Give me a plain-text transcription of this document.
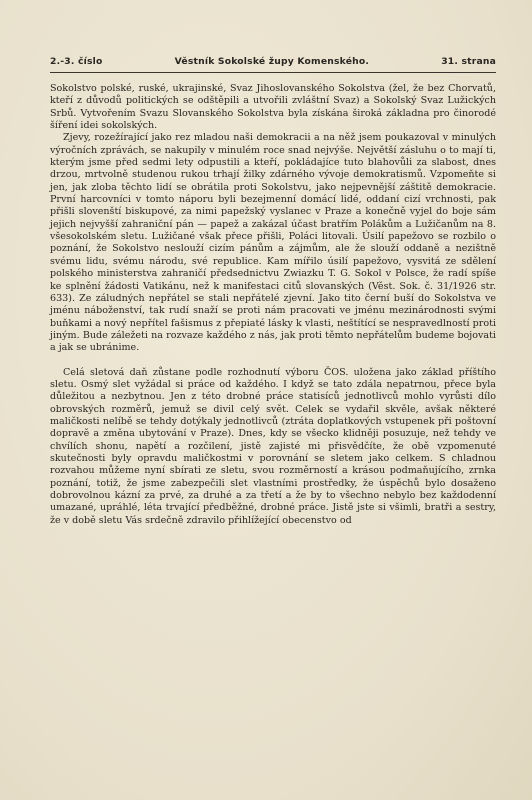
2.-3. číslo	Věstník Sokolské župy Komenského.	31. strana

Sokolstvo polské, ruské, ukrajinské, Svaz Jihoslovanského Sokolstva (žel, že bez Chorvatů, kteří z důvodů politických se odštěpili a utvořili zvláštní Svaz) a Sokolský Svaz Lužických Srbů. Vytvořením Svazu Slovanského Sokolstva byla získána široká základna pro činorodé šíření idei sokolských.

Zjevy, rozežírající jako rez mladou naši demokracii a na něž jsem poukazoval v minulých výročních zprávách, se nakupily v minulém roce snad nejvýše. Největší zásluhu o to mají ti, kterým jsme před sedmi lety odpustili a kteří, pokládajíce tuto blahovůli za slabost, dnes drzou, mrtvolně studenou rukou trhají žilky zdárného vývoje demokratismů. Vzpomeňte si jen, jak zloba těchto lidí se obrátila proti Sokolstvu, jako nejpevnější záštitě demokracie. První harcovníci v tomto náporu byli bezejmenní domácí lidé, oddaní cizí vrchnosti, pak přišli slovenští biskupové, za nimi papežský vyslanec v Praze a konečně vyjel do boje sám jejich nejvyšší zahraniční pán — papež a zakázal účast bratřím Polákům a Lužičanům na 8. všesokolském sletu. Lužičané však přece přišli, Poláci litovali. Úsilí papežovo se rozbilo o poznání, že Sokolstvo neslouží cizím pánům a zájmům, ale že slouží oddaně a nezištně svému lidu, svému národu, své republice. Kam mířilo úsilí papežovo, vysvitá ze sdělení polského ministerstva zahraničí předsednictvu Zwiazku T. G. Sokol v Polsce, že radí spíše ke splnění žádosti Vatikánu, než k manifestaci citů slovanských (Věst. Sok. č. 31/1926 str. 633). Ze záludných nepřátel se stali nepřátelé zjevní. Jako tito černí buší do Sokolstva ve jménu náboženství, tak rudí snaží se proti nám pracovati ve jménu mezinárodnosti svými buňkami a nový nepřítel fašismus z přepiaté lásky k vlasti, neštítící se nespravedlností proti jiným. Bude záležeti na rozvaze každého z nás, jak proti těmto nepřátelům budeme bojovati a jak se ubránime.

Celá sletová daň zůstane podle rozhodnutí výboru ČOS. uložena jako základ příštího sletu. Osmý slet vyžádal si práce od každého. I když se tato zdála nepatrnou, přece byla důležitou a nezbytnou. Jen z této drobné práce statisíců jednotlivců mohlo vyrůsti dílo obrovských rozměrů, jemuž se divil celý svět. Celek se vydařil skvěle, avšak některé maličkosti nelíbě se tehdy dotýkaly jednotlivců (ztráta doplatkových vstupenek při poštovní dopravě a změna ubytování v Praze). Dnes, kdy se všecko klidněji posuzuje, než tehdy ve chvílích shonu, napětí a rozčilení, jistě zajisté mi přisvědčíte, že obě vzpomenuté skutečnosti byly opravdu maličkostmi v porovnání se sletem jako celkem. S chladnou rozvahou můžeme nyní sbírati ze sletu, svou rozměrností a krásou podmaňujícího, zrnka poznání, totiž, že jsme zabezpečili slet vlastními prostředky, že úspěchů bylo dosaženo dobrovolnou kázní za prvé, za druhé a za třetí a že by to všechno nebylo bez každodenní umazané, upráhlé, léta trvající předběžné, drobné práce. Jistě jste si všimli, bratři a sestry, že v době sletu Vás srdečně zdravilo přihlížející obecenstvo od
